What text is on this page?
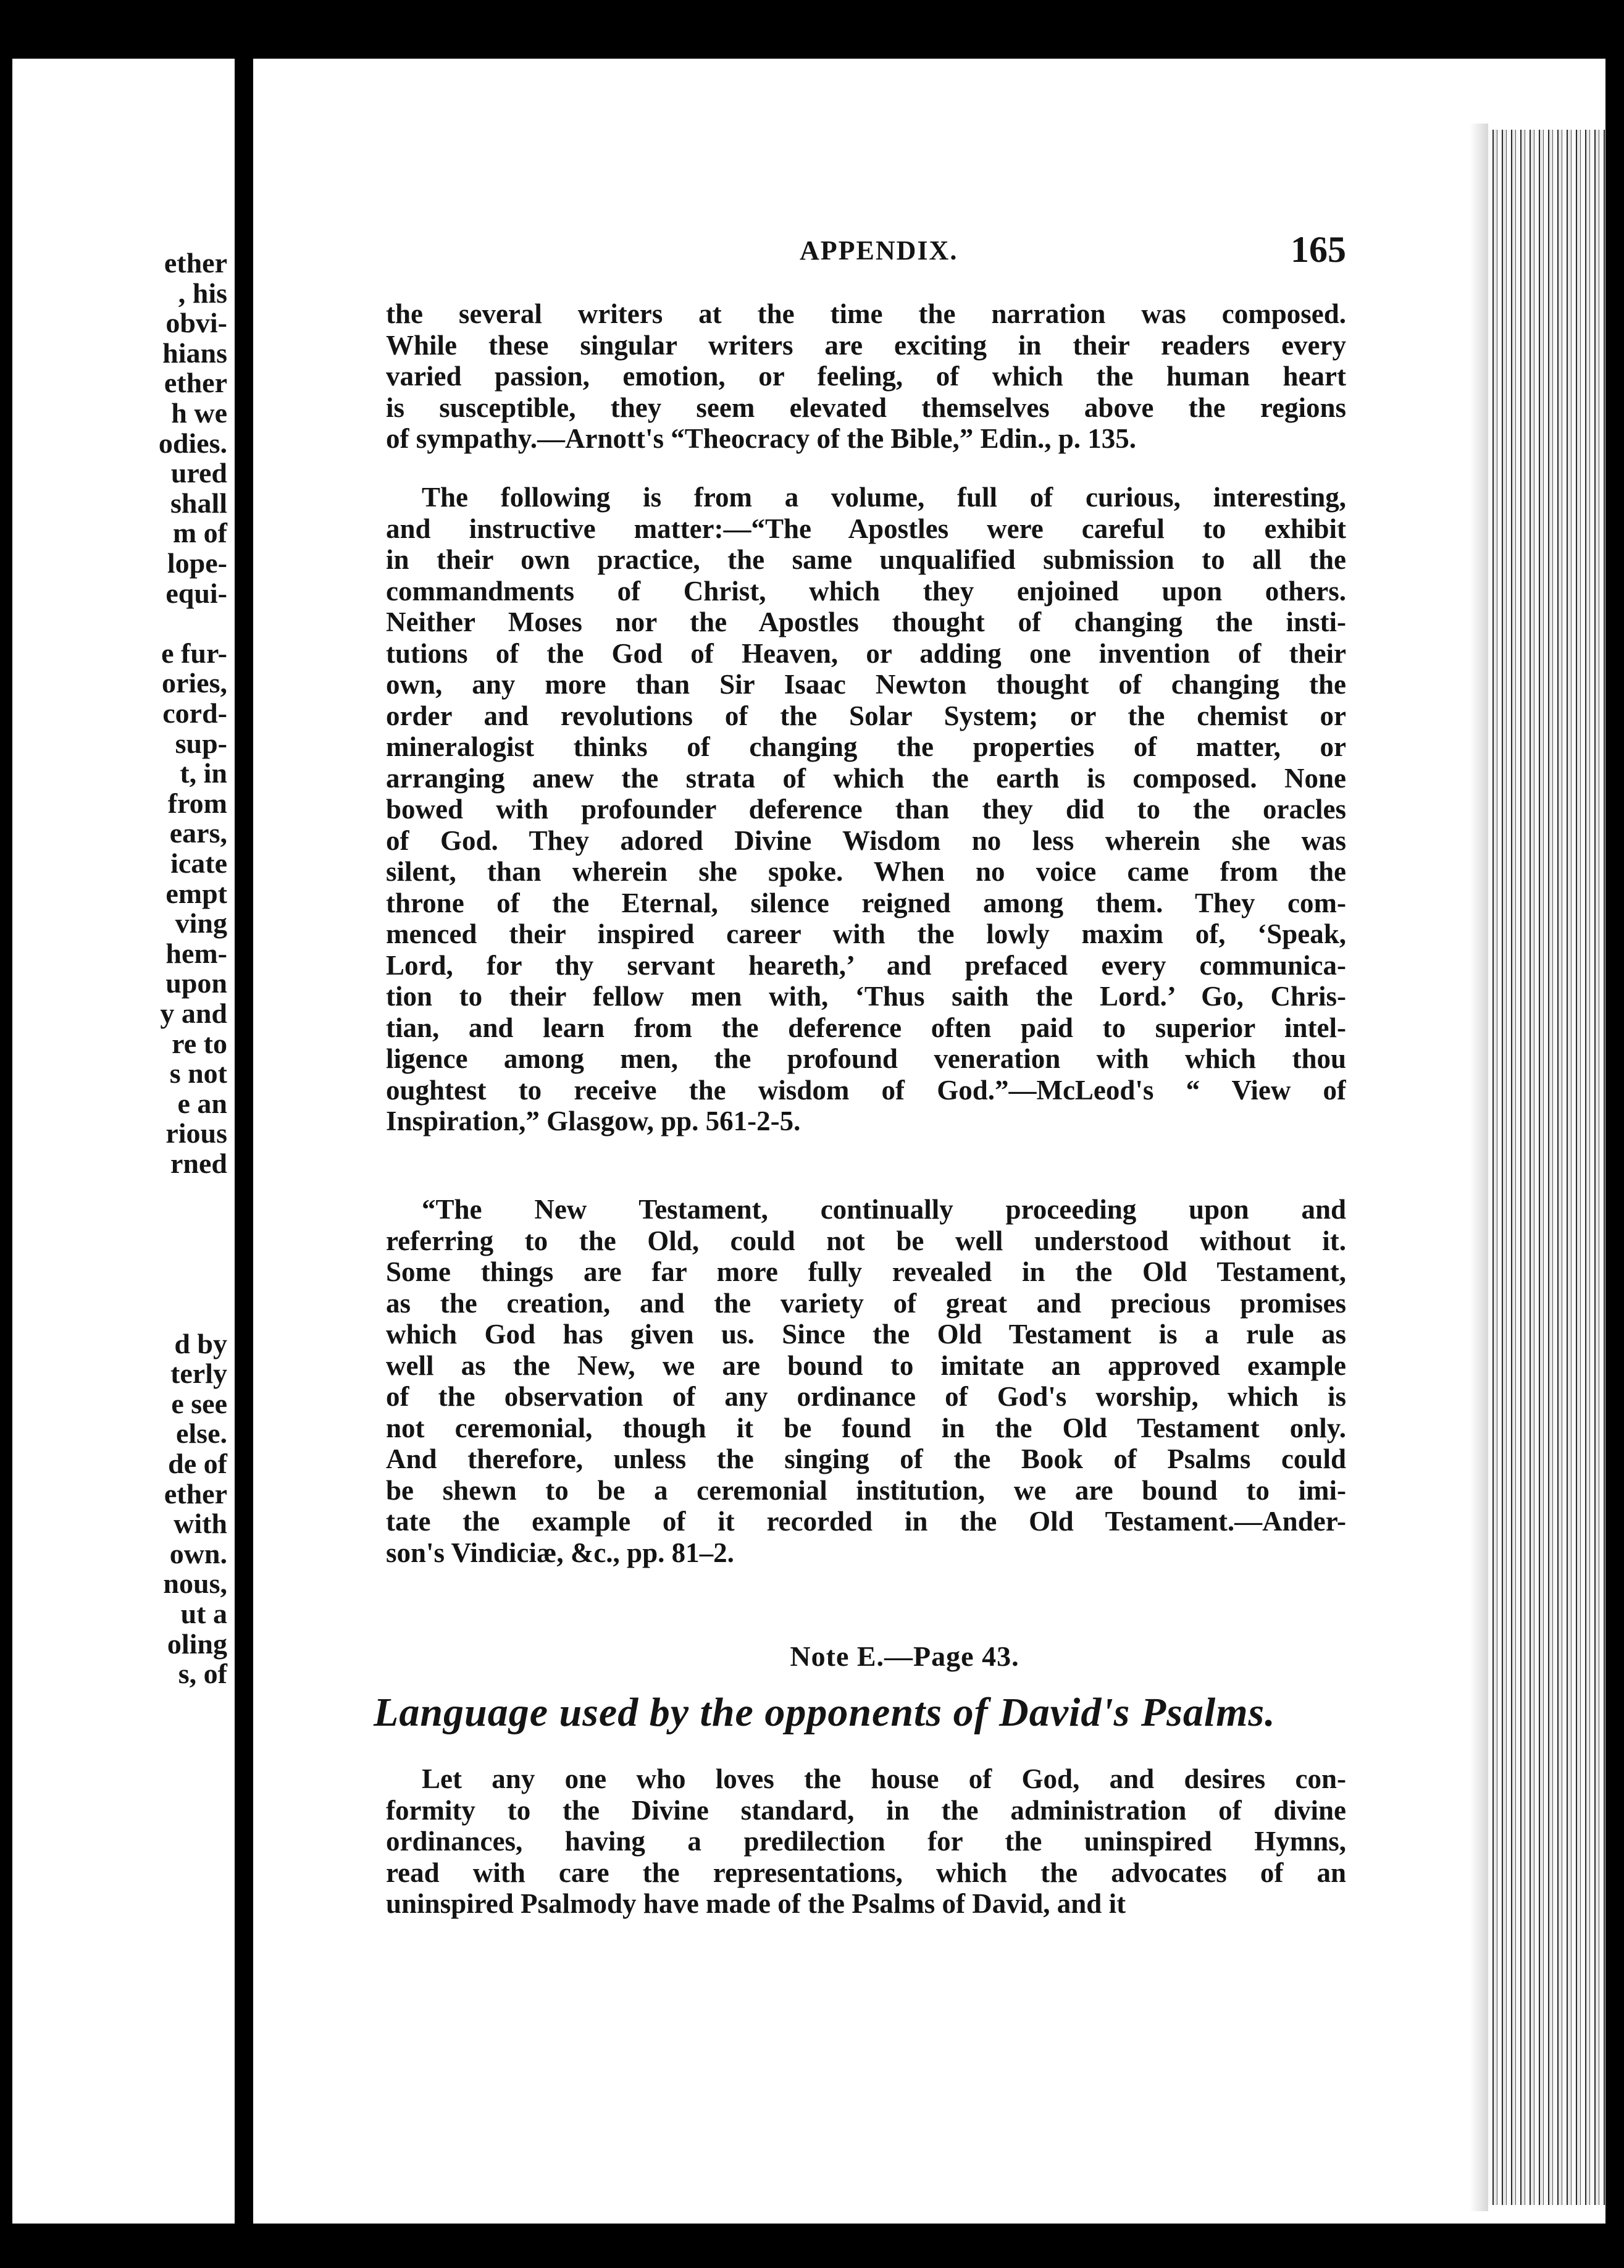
ether
, his
obvi-
hians
ether
h we
odies.
ured
shall
m of
lope-
equi-
e fur-
ories,
cord-
sup-
t, in
from
ears,
icate
empt
ving
hem-
upon
y and
re to
s not
e an
rious
rned
d by
terly
e see
else.
de of
ether
with
own.
nous,
ut a
oling
s, of
APPENDIX.	165
the several writers at the time the narration was composed.
While these singular writers are exciting in their readers every
varied passion, emotion, or feeling, of which the human heart
is susceptible, they seem elevated themselves above the regions
of sympathy.—Arnott's “Theocracy of the Bible,” Edin., p. 135.
The following is from a volume, full of curious, interesting,
and instructive matter:—“The Apostles were careful to exhibit
in their own practice, the same unqualified submission to all the
commandments of Christ, which they enjoined upon others.
Neither Moses nor the Apostles thought of changing the insti-
tutions of the God of Heaven, or adding one invention of their
own, any more than Sir Isaac Newton thought of changing the
order and revolutions of the Solar System; or the chemist or
mineralogist thinks of changing the properties of matter, or
arranging anew the strata of which the earth is composed. None
bowed with profounder deference than they did to the oracles
of God. They adored Divine Wisdom no less wherein she was
silent, than wherein she spoke. When no voice came from the
throne of the Eternal, silence reigned among them. They com-
menced their inspired career with the lowly maxim of, ‘Speak,
Lord, for thy servant heareth,’ and prefaced every communica-
tion to their fellow men with, ‘Thus saith the Lord.’ Go, Chris-
tian, and learn from the deference often paid to superior intel-
ligence among men, the profound veneration with which thou
oughtest to receive the wisdom of God.”—McLeod's “ View of
Inspiration,” Glasgow, pp. 561-2-5.
“The New Testament, continually proceeding upon and
referring to the Old, could not be well understood without it.
Some things are far more fully revealed in the Old Testament,
as the creation, and the variety of great and precious promises
which God has given us. Since the Old Testament is a rule as
well as the New, we are bound to imitate an approved example
of the observation of any ordinance of God's worship, which is
not ceremonial, though it be found in the Old Testament only.
And therefore, unless the singing of the Book of Psalms could
be shewn to be a ceremonial institution, we are bound to imi-
tate the example of it recorded in the Old Testament.—Ander-
son's Vindiciæ, &c., pp. 81–2.
Note E.—Page 43.
Language used by the opponents of David's Psalms.
Let any one who loves the house of God, and desires con-
formity to the Divine standard, in the administration of divine
ordinances, having a predilection for the uninspired Hymns,
read with care the representations, which the advocates of an
uninspired Psalmody have made of the Psalms of David, and it
